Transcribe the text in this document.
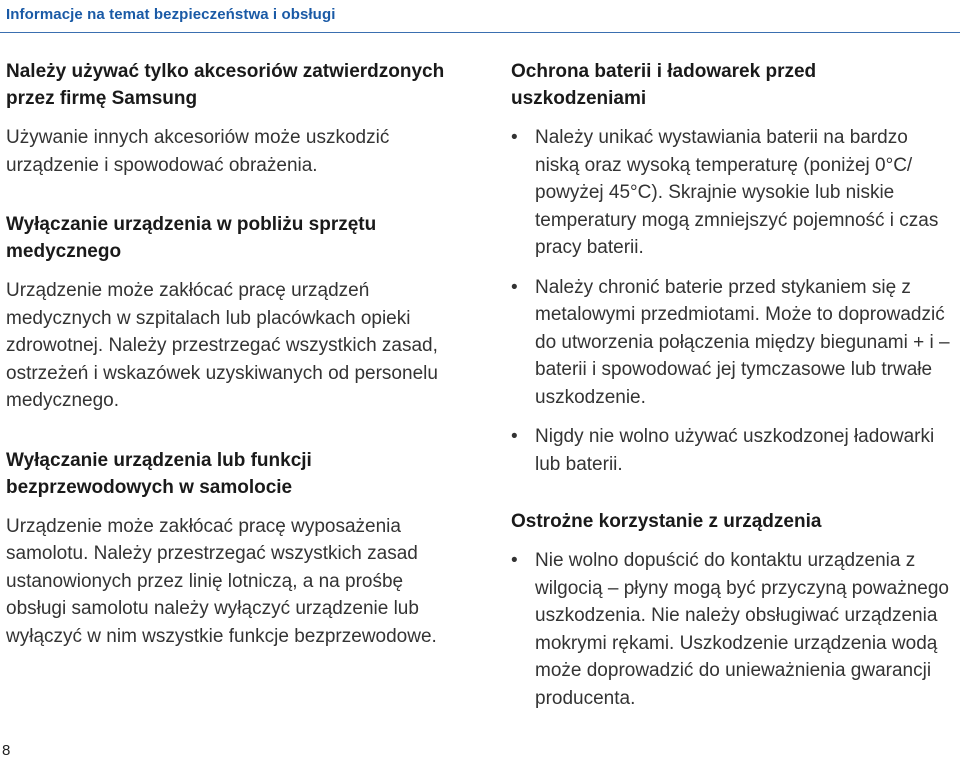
Informacje na temat bezpieczeństwa i obsługi
Należy używać tylko akcesoriów zatwierdzonych przez firmę Samsung

Używanie innych akcesoriów może uszkodzić urządzenie i spowodować obrażenia.

Wyłączanie urządzenia w pobliżu sprzętu medycznego

Urządzenie może zakłócać pracę urządzeń medycznych w szpitalach lub placówkach opieki zdrowotnej. Należy przestrzegać wszystkich zasad, ostrzeżeń i wskazówek uzyskiwanych od personelu medycznego.

Wyłączanie urządzenia lub funkcji bezprzewodowych w samolocie

Urządzenie może zakłócać pracę wyposażenia samolotu. Należy przestrzegać wszystkich zasad ustanowionych przez linię lotniczą, a na prośbę obsługi samolotu należy wyłączyć urządzenie lub wyłączyć w nim wszystkie funkcje bezprzewodowe.

Ochrona baterii i ładowarek przed uszkodzeniami
• Należy unikać wystawiania baterii na bardzo niską oraz wysoką temperaturę (poniżej 0°C/ powyżej 45°C). Skrajnie wysokie lub niskie temperatury mogą zmniejszyć pojemność i czas pracy baterii.
• Należy chronić baterie przed stykaniem się z metalowymi przedmiotami. Może to doprowadzić do utworzenia połączenia między biegunami + i – baterii i spowodować jej tymczasowe lub trwałe uszkodzenie.
• Nigdy nie wolno używać uszkodzonej ładowarki lub baterii.
Ostrożne korzystanie z urządzenia
• Nie wolno dopuścić do kontaktu urządzenia z wilgocią – płyny mogą być przyczyną poważnego uszkodzenia. Nie należy obsługiwać urządzenia mokrymi rękami. Uszkodzenie urządzenia wodą może doprowadzić do unieważnienia gwarancji producenta.
8
